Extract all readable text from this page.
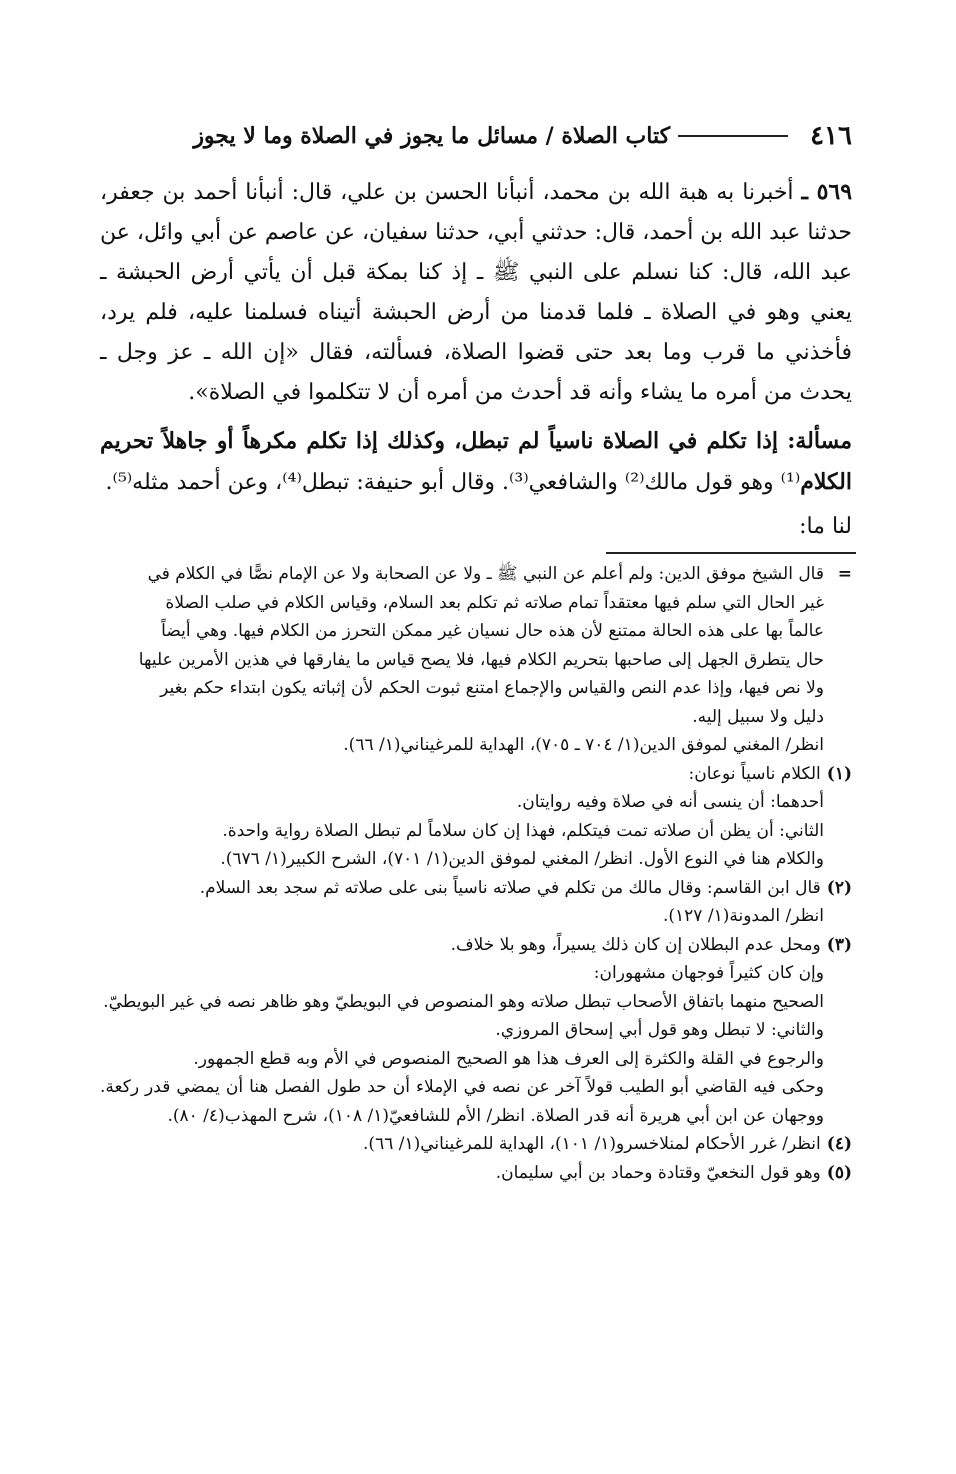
٤١٦
كتاب الصلاة / مسائل ما يجوز في الصلاة وما لا يجوز

٥٦٩ ـ أخبرنا به هبة الله بن محمد، أنبأنا الحسن بن علي، قال: أنبأنا أحمد بن جعفر، حدثنا عبد الله بن أحمد، قال: حدثني أبي، حدثنا سفيان، عن عاصم عن أبي وائل، عن عبد الله، قال: كنا نسلم على النبي ﷺ ـ إذ كنا بمكة قبل أن يأتي أرض الحبشة ـ يعني وهو في الصلاة ـ فلما قدمنا من أرض الحبشة أتيناه فسلمنا عليه، فلم يرد، فأخذني ما قرب وما بعد حتى قضوا الصلاة، فسألته، فقال «إن الله ـ عز وجل ـ يحدث من أمره ما يشاء وأنه قد أحدث من أمره أن لا تتكلموا في الصلاة».

مسألة: إذا تكلم في الصلاة ناسياً لم تبطل، وكذلك إذا تكلم مكرهاً أو جاهلاً تحريم الكلام⁽¹⁾ وهو قول مالك⁽²⁾ والشافعي⁽³⁾. وقال أبو حنيفة: تبطل⁽⁴⁾، وعن أحمد مثله⁽⁵⁾.

لنا ما:

=

قال الشيخ موفق الدين: ولم أعلم عن النبي ﷺ ـ ولا عن الصحابة ولا عن الإمام نصًّا في الكلام في

غير الحال التي سلم فيها معتقداً تمام صلاته ثم تكلم بعد السلام، وقياس الكلام في صلب الصلاة

عالماً بها على هذه الحالة ممتنع لأن هذه حال نسيان غير ممكن التحرز من الكلام فيها. وهي أيضاً

حال يتطرق الجهل إلى صاحبها بتحريم الكلام فيها، فلا يصح قياس ما يفارقها في هذين الأمرين عليها

ولا نص فيها، وإذا عدم النص والقياس والإجماع امتنع ثبوت الحكم لأن إثباته يكون ابتداء حكم بغير

دليل ولا سبيل إليه.

انظر/ المغني لموفق الدين(١/ ٧٠٤ ـ ٧٠٥)، الهداية للمرغيناني(١/ ٦٦).

(١)الكلام ناسياً نوعان:

أحدهما: أن ينسى أنه في صلاة وفيه روايتان.

الثاني: أن يظن أن صلاته تمت فيتكلم، فهذا إن كان سلاماً لم تبطل الصلاة رواية واحدة.

والكلام هنا في النوع الأول. انظر/ المغني لموفق الدين(١/ ٧٠١)، الشرح الكبير(١/ ٦٧٦).

(٢)قال ابن القاسم: وقال مالك من تكلم في صلاته ناسياً بنى على صلاته ثم سجد بعد السلام.

انظر/ المدونة(١/ ١٢٧).

(٣)ومحل عدم البطلان إن كان ذلك يسيراً، وهو بلا خلاف.

وإن كان كثيراً فوجهان مشهوران:

الصحيح منهما باتفاق الأصحاب تبطل صلاته وهو المنصوص في البويطيّ وهو ظاهر نصه في غير البويطيّ.

والثاني: لا تبطل وهو قول أبي إسحاق المروزي.

والرجوع في القلة والكثرة إلى العرف هذا هو الصحيح المنصوص في الأم وبه قطع الجمهور.

وحكى فيه القاضي أبو الطيب قولاً آخر عن نصه في الإملاء أن حد طول الفصل هنا أن يمضي قدر ركعة. ووجهان عن ابن أبي هريرة أنه قدر الصلاة. انظر/ الأم للشافعيّ(١/ ١٠٨)، شرح المهذب(٤/ ٨٠).

(٤)انظر/ غرر الأحكام لمنلاخسرو(١/ ١٠١)، الهداية للمرغيناني(١/ ٦٦).

(٥)وهو قول النخعيّ وقتادة وحماد بن أبي سليمان.
